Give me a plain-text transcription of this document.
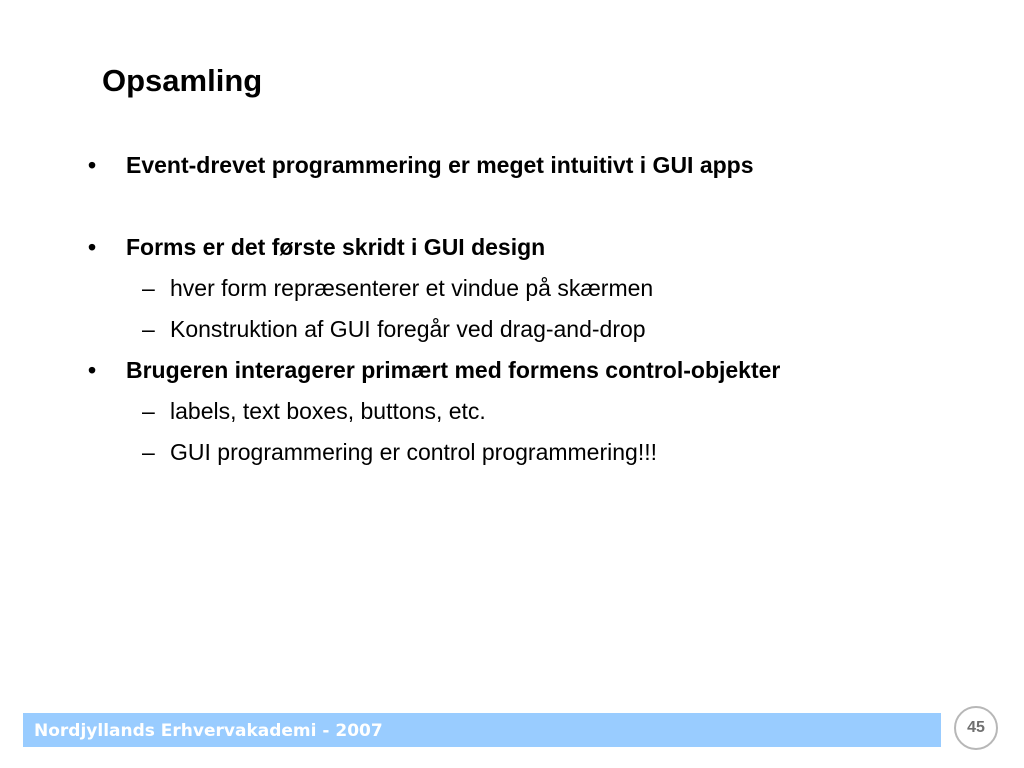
Opsamling
• Event-drevet programmering er meget intuitivt i GUI apps
• Forms er det første skridt i GUI design
– hver form repræsenterer et vindue på skærmen
– Konstruktion af GUI foregår ved drag-and-drop
• Brugeren interagerer primært med formens control-objekter
– labels, text boxes, buttons, etc.
– GUI programmering er control programmering!!!
Nordjyllands Erhvervakademi - 2007	45
